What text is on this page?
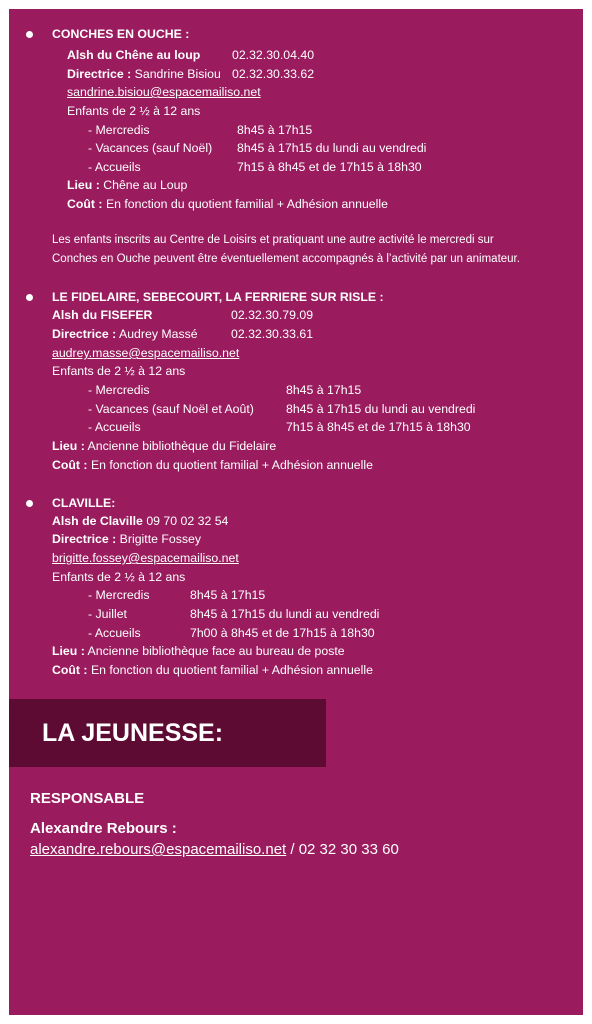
CONCHES EN OUCHE :
Alsh du Chêne au loup	02.32.30.04.40
Directrice : Sandrine Bisiou 02.32.30.33.62
sandrine.bisiou@espacemailiso.net
Enfants de 2 ½ à 12 ans
- Mercredis	8h45 à 17h15
- Vacances (sauf Noël) 8h45 à 17h15 du lundi au vendredi
- Accueils	7h15 à 8h45 et de 17h15 à 18h30
Lieu : Chêne au Loup
Coût : En fonction du quotient familial + Adhésion annuelle
Les enfants inscrits au Centre de Loisirs et pratiquant une autre activité le mercredi sur
Conches en Ouche peuvent être éventuellement accompagnés à l’activité par un animateur.
LE FIDELAIRE, SEBECOURT, LA FERRIERE SUR RISLE :
Alsh du FISEFER	02.32.30.79.09
Directrice : Audrey Massé	02.32.30.33.61
audrey.masse@espacemailiso.net
Enfants de 2 ½ à 12 ans
- Mercredis	8h45 à 17h15
- Vacances (sauf Noël et Août)	8h45 à 17h15 du lundi au vendredi
- Accueils	7h15 à 8h45 et de 17h15 à 18h30
Lieu : Ancienne bibliothèque du Fidelaire
Coût : En fonction du quotient familial + Adhésion annuelle
CLAVILLE:
Alsh de Claville 09 70 02 32 54
Directrice : Brigitte Fossey
brigitte.fossey@espacemailiso.net
Enfants de 2 ½ à 12 ans
- Mercredis	8h45 à 17h15
- Juillet	8h45 à 17h15 du lundi au vendredi
- Accueils	7h00 à 8h45 et de 17h15 à 18h30
Lieu : Ancienne bibliothèque face au bureau de poste
Coût : En fonction du quotient familial + Adhésion annuelle
LA JEUNESSE:
RESPONSABLE
Alexandre Rebours :
alexandre.rebours@espacemailiso.net / 02 32 30 33 60
